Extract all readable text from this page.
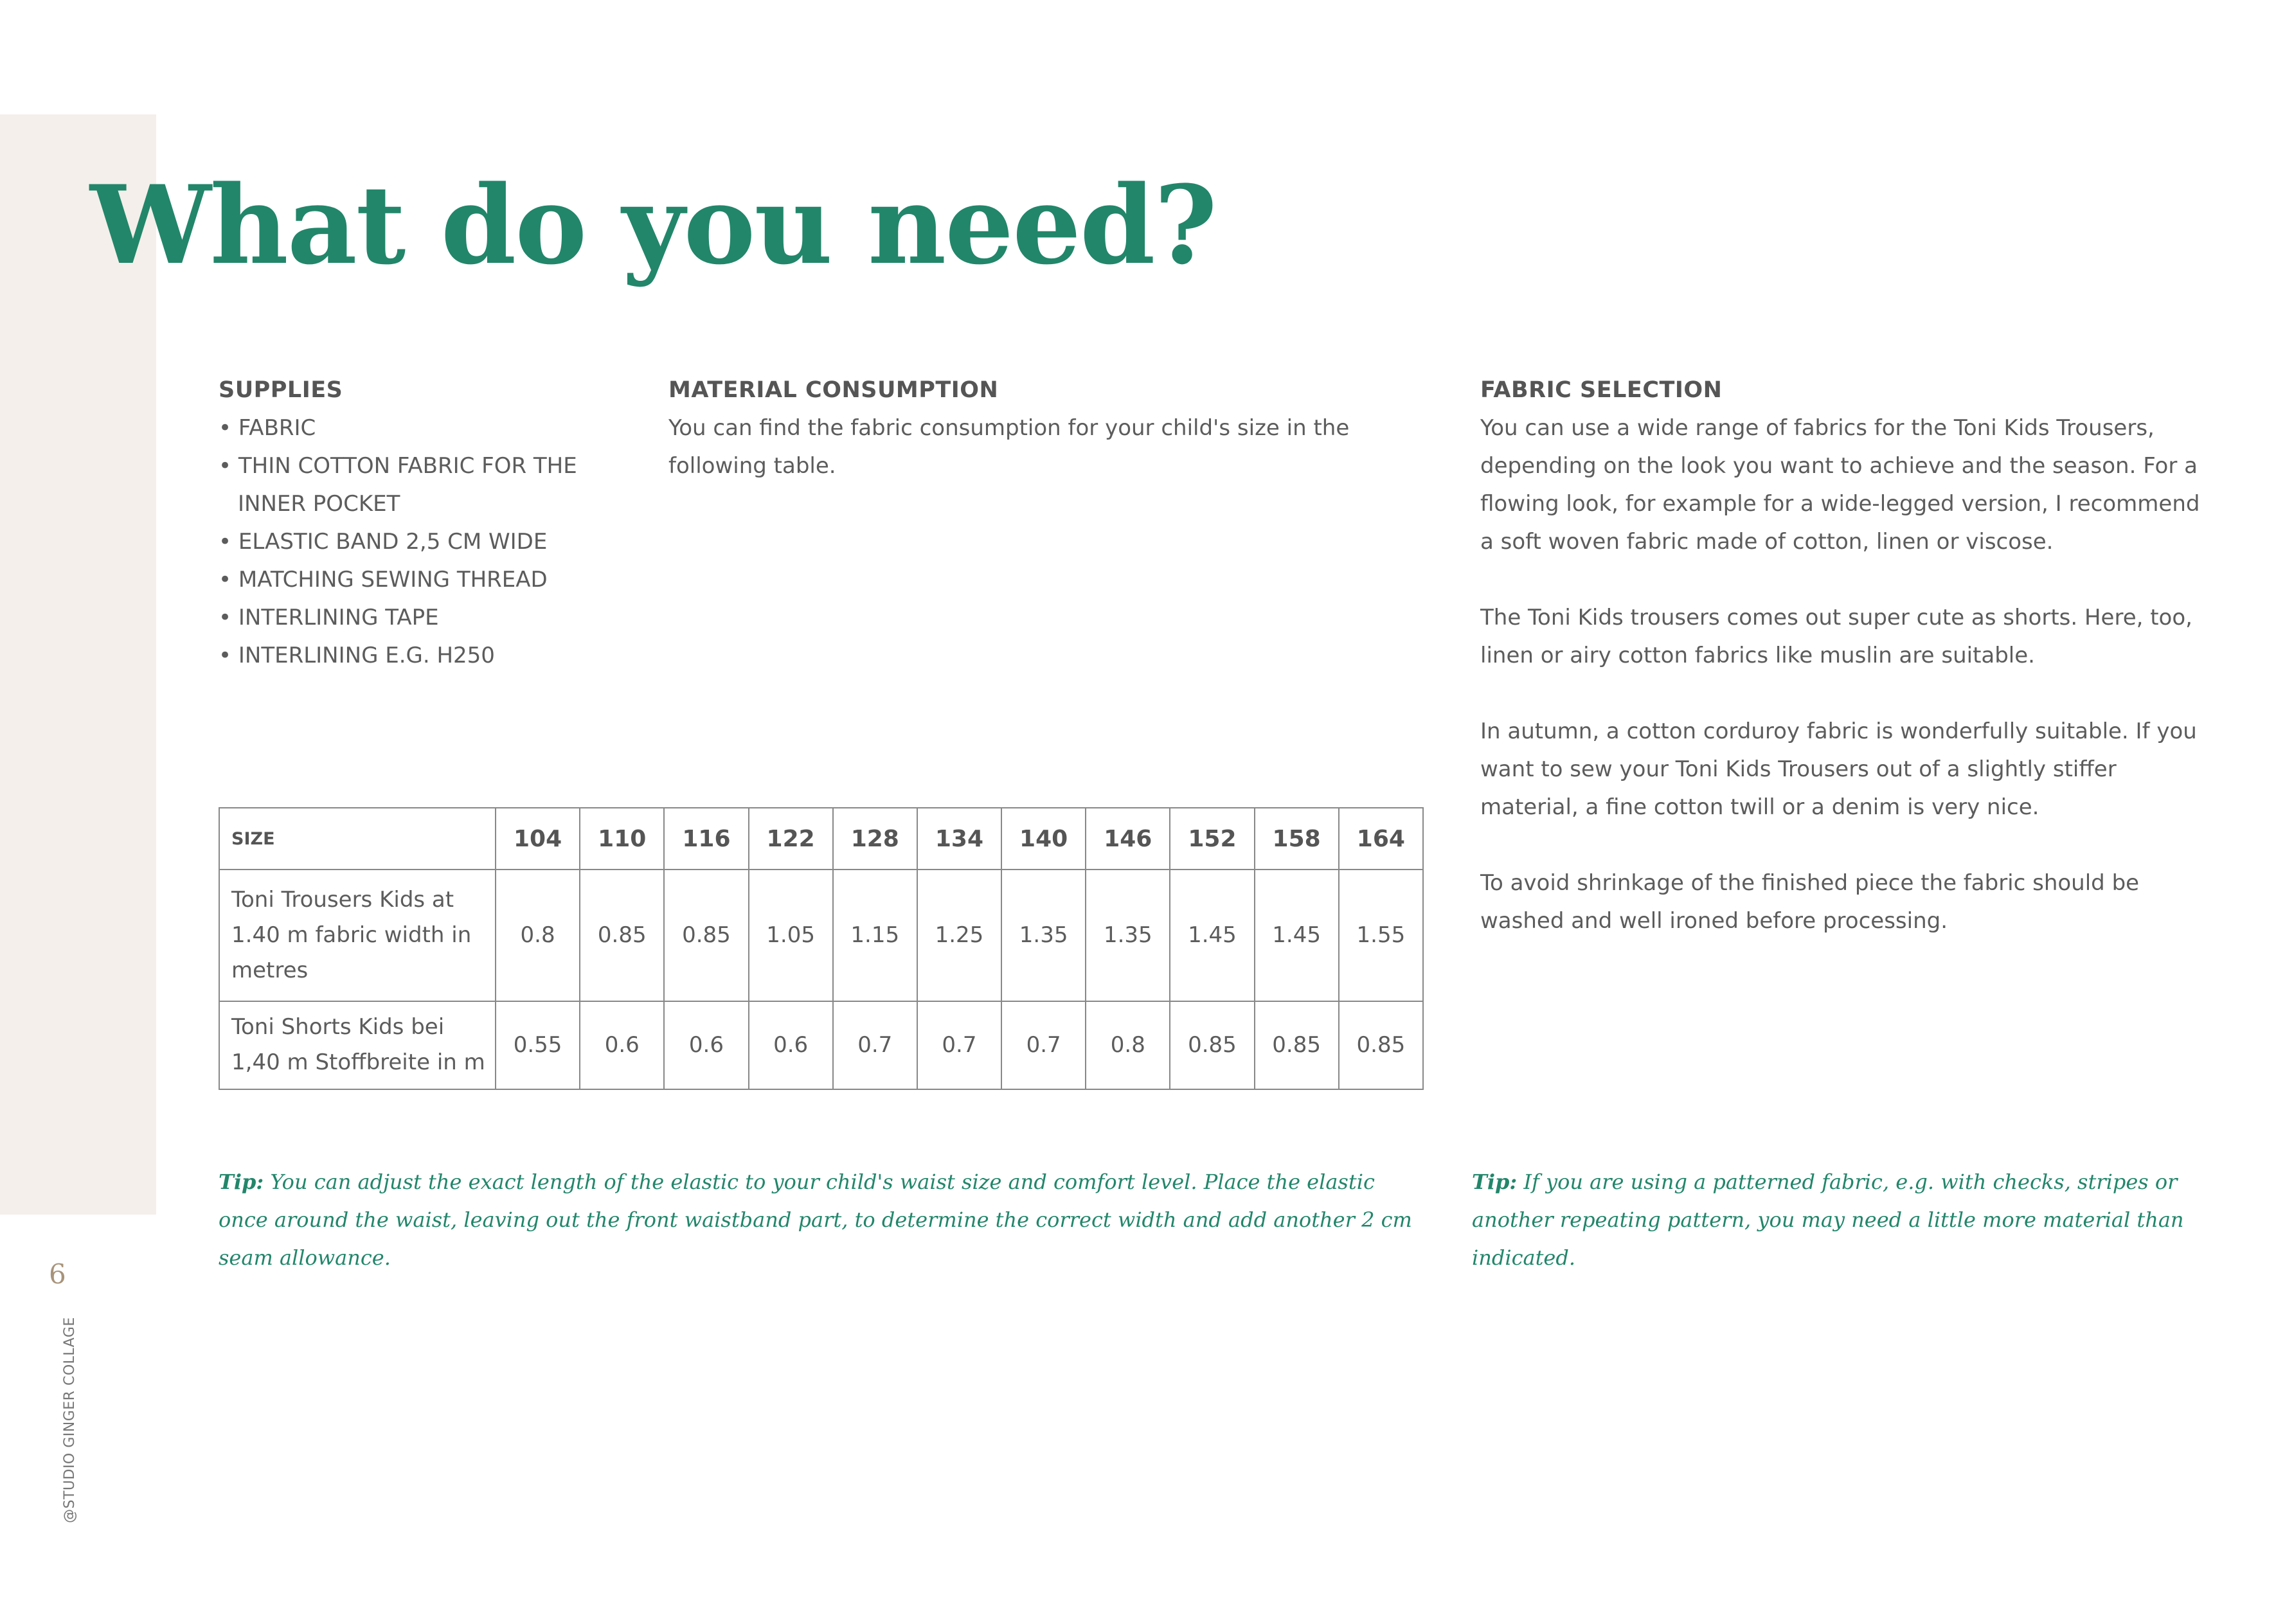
What do you need?
SUPPLIES
• FABRIC
• THIN COTTON FABRIC FOR THE INNER POCKET
• ELASTIC BAND 2,5 CM WIDE
• MATCHING SEWING THREAD
• INTERLINING TAPE
• INTERLINING E.G. H250
MATERIAL CONSUMPTION

You can find the fabric consumption for your child's size in the following table.

FABRIC SELECTION

You can use a wide range of fabrics for the Toni Kids Trousers, depending on the look you want to achieve and the season. For a flowing look, for example for a wide-legged version, I recommend a soft woven fabric made of cotton, linen or viscose.

The Toni Kids trousers comes out super cute as shorts. Here, too, linen or airy cotton fabrics like muslin are suitable.

In autumn, a cotton corduroy fabric is wonderfully suitable. If you want to sew your Toni Kids Trousers out of a slightly stiffer material, a fine cotton twill or a denim is very nice.

To avoid shrinkage of the finished piece the fabric should be washed and well ironed before processing.

SIZE	104	110	116	122	128	134	140	146	152	158	164
Toni Trousers Kids at 1.40 m fabric width in metres	0.8	0.85	0.85	1.05	1.15	1.25	1.35	1.35	1.45	1.45	1.55
Toni Shorts Kids bei 1,40 m Stoffbreite in m	0.55	0.6	0.6	0.6	0.7	0.7	0.7	0.8	0.85	0.85	0.85

Tip: You can adjust the exact length of the elastic to your child's waist size and comfort level. Place the elastic once around the waist, leaving out the front waistband part, to determine the correct width and add another 2 cm seam allowance.

Tip: If you are using a patterned fabric, e.g. with checks, stripes or another repeating pattern, you may need a little more material than indicated.

6
@STUDIO GINGER COLLAGE
